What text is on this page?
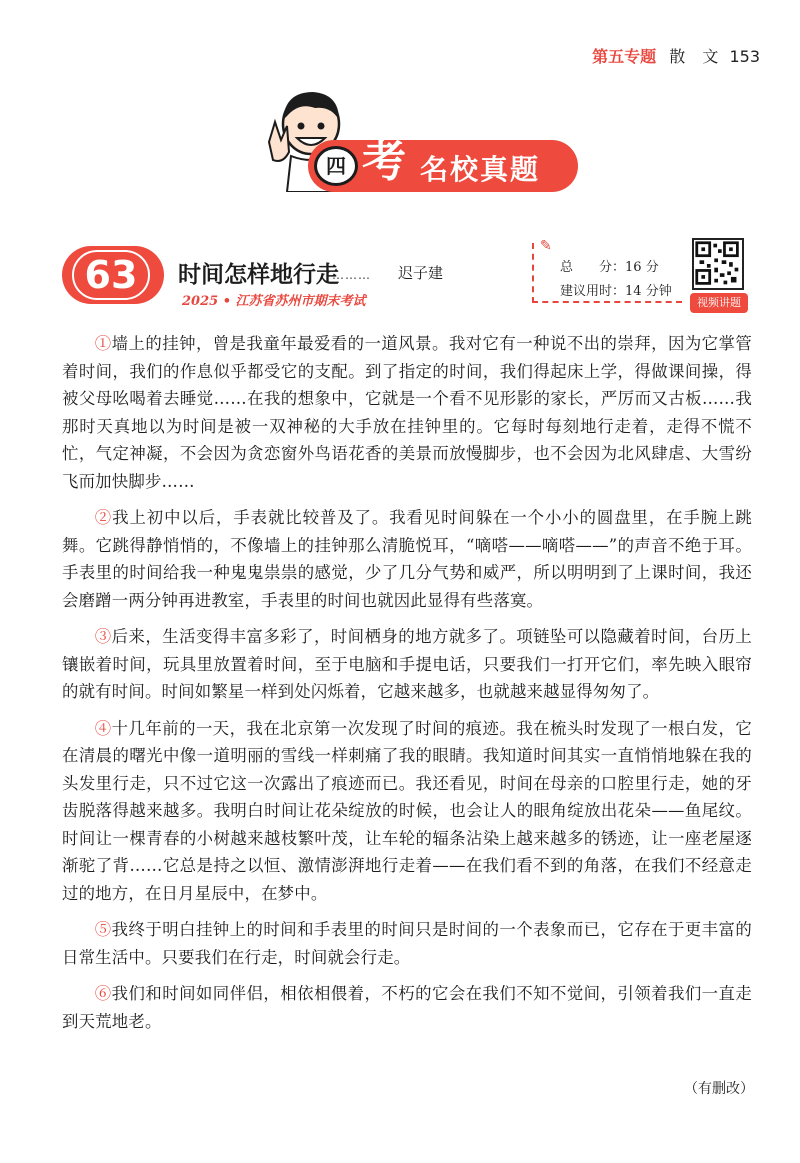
第五专题 散 文 153
四 考 名校真题
63	时间怎样地行走
……… 迟子建
2025 • 江苏省苏州市期末考试
✎
总　　分：16 分
建议用时：14 分钟
视频讲题

①墙上的挂钟，曾是我童年最爱看的一道风景。我对它有一种说不出的崇拜，因为它掌管着时间，我们的作息似乎都受它的支配。到了指定的时间，我们得起床上学，得做课间操，得被父母吆喝着去睡觉……在我的想象中，它就是一个看不见形影的家长，严厉而又古板……我那时天真地以为时间是被一双神秘的大手放在挂钟里的。它每时每刻地行走着，走得不慌不忙，气定神凝，不会因为贪恋窗外鸟语花香的美景而放慢脚步，也不会因为北风肆虐、大雪纷飞而加快脚步……

②我上初中以后，手表就比较普及了。我看见时间躲在一个小小的圆盘里，在手腕上跳舞。它跳得静悄悄的，不像墙上的挂钟那么清脆悦耳，“嘀嗒——嘀嗒——”的声音不绝于耳。手表里的时间给我一种鬼鬼祟祟的感觉，少了几分气势和威严，所以明明到了上课时间，我还会磨蹭一两分钟再进教室，手表里的时间也就因此显得有些落寞。

③后来，生活变得丰富多彩了，时间栖身的地方就多了。项链坠可以隐藏着时间，台历上镶嵌着时间，玩具里放置着时间，至于电脑和手提电话，只要我们一打开它们，率先映入眼帘的就有时间。时间如繁星一样到处闪烁着，它越来越多，也就越来越显得匆匆了。

④十几年前的一天，我在北京第一次发现了时间的痕迹。我在梳头时发现了一根白发，它在清晨的曙光中像一道明丽的雪线一样刺痛了我的眼睛。我知道时间其实一直悄悄地躲在我的头发里行走，只不过它这一次露出了痕迹而已。我还看见，时间在母亲的口腔里行走，她的牙齿脱落得越来越多。我明白时间让花朵绽放的时候，也会让人的眼角绽放出花朵——鱼尾纹。时间让一棵青春的小树越来越枝繁叶茂，让车轮的辐条沾染上越来越多的锈迹，让一座老屋逐渐驼了背……它总是持之以恒、激情澎湃地行走着——在我们看不到的角落，在我们不经意走过的地方，在日月星辰中，在梦中。

⑤我终于明白挂钟上的时间和手表里的时间只是时间的一个表象而已，它存在于更丰富的日常生活中。只要我们在行走，时间就会行走。

⑥我们和时间如同伴侣，相依相偎着，不朽的它会在我们不知不觉间，引领着我们一直走到天荒地老。

（有删改）
